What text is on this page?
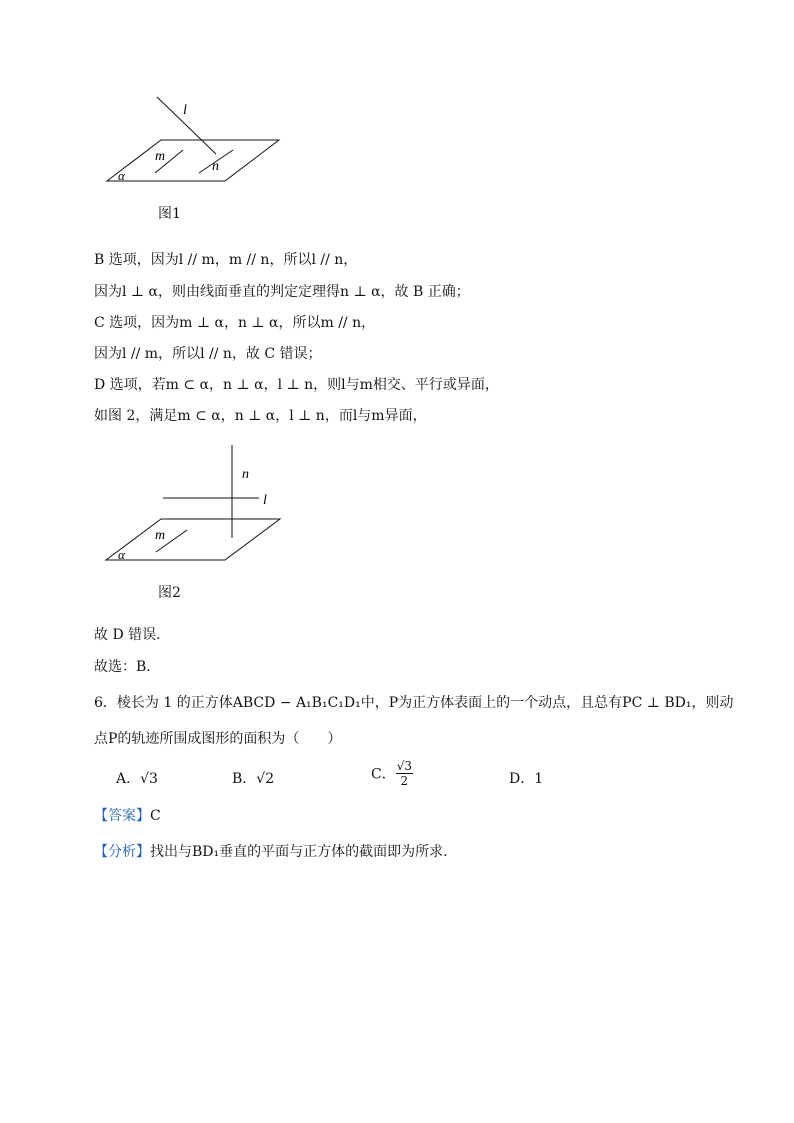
l
m
n
α
图1
B 选项，因为l // m，m // n，所以l // n，
因为l ⊥ α，则由线面垂直的判定定理得n ⊥ α，故 B 正确；
C 选项，因为m ⊥ α，n ⊥ α，所以m // n，
因为l // m，所以l // n，故 C 错误；
D 选项，若m ⊂ α，n ⊥ α，l ⊥ n，则l与m相交、平行或异面，
如图 2，满足m ⊂ α，n ⊥ α，l ⊥ n，而l与m异面，
n
l
m
α
图2
故 D 错误．
故选：B．
6．棱长为 1 的正方体ABCD − A₁B₁C₁D₁中，P为正方体表面上的一个动点，且总有PC ⊥ BD₁，则动
点P的轨迹所围成图形的面积为（　　）
A．√3	B．√2	C． $\frac{√3}{2}$	D．1
【答案】C
【分析】找出与BD₁垂直的平面与正方体的截面即为所求.
